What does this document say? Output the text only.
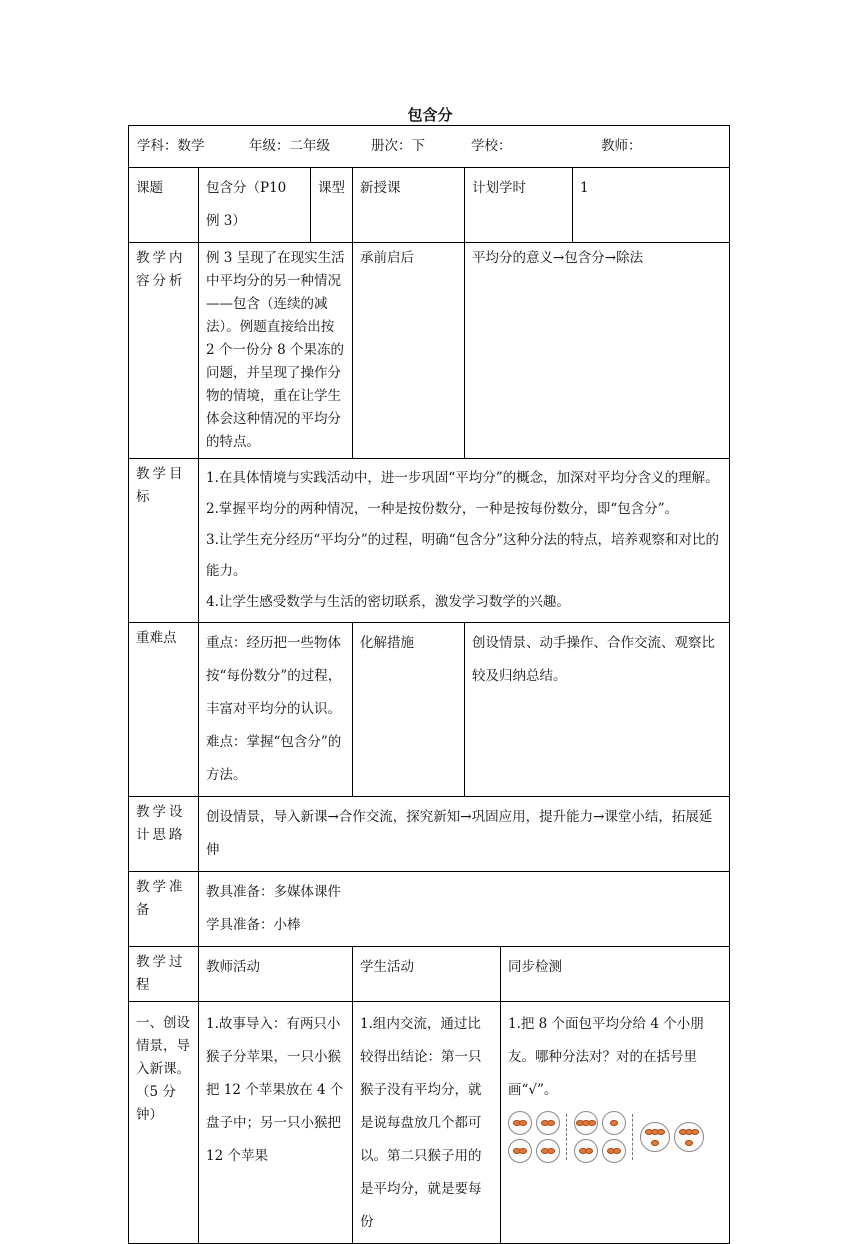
包含分
学科：数学 年级：二年级 册次：下 学校： 教师：						
课题	包含分（P10 例 3）	课型	新授课	计划学时		1
教学内容分析	例 3 呈现了在现实生活中平均分的另一种情况——包含（连续的减法）。例题直接给出按 2 个一份分 8 个果冻的问题，并呈现了操作分物的情境，重在让学生体会这种情况的平均分的特点。		承前启后	平均分的意义→包含分→除法		
教学目标	1.在具体情境与实践活动中，进一步巩固“平均分”的概念，加深对平均分含义的理解。
2.掌握平均分的两种情况，一种是按份数分，一种是按每份数分，即“包含分”。
3.让学生充分经历“平均分”的过程，明确“包含分”这种分法的特点，培养观察和对比的能力。
4.让学生感受数学与生活的密切联系，激发学习数学的兴趣。					

重难点	重点：经历把一些物体按“每份数分”的过程，丰富对平均分的认识。
难点：掌握“包含分”的方法。		化解措施	创设情景、动手操作、合作交流、观察比较及归纳总结。		
教学设计思路	创设情景，导入新课→合作交流，探究新知→巩固应用，提升能力→课堂小结，拓展延伸					
教学准备	教具准备：多媒体课件
学具准备：小棒					

教学过程	教师活动		学生活动		同步检测	
一、创设情景，导入新课。（5 分钟）	1.故事导入：有两只小猴子分苹果，一只小猴把 12 个苹果放在 4 个盘子中；另一只小猴把 12 个苹果		1.组内交流，通过比较得出结论：第一只猴子没有平均分，就是说每盘放几个都可以。第二只猴子用的是平均分，就是要每份		1.把 8 个面包平均分给 4 个小朋友。哪种分法对？对的在括号里画“√”。	
